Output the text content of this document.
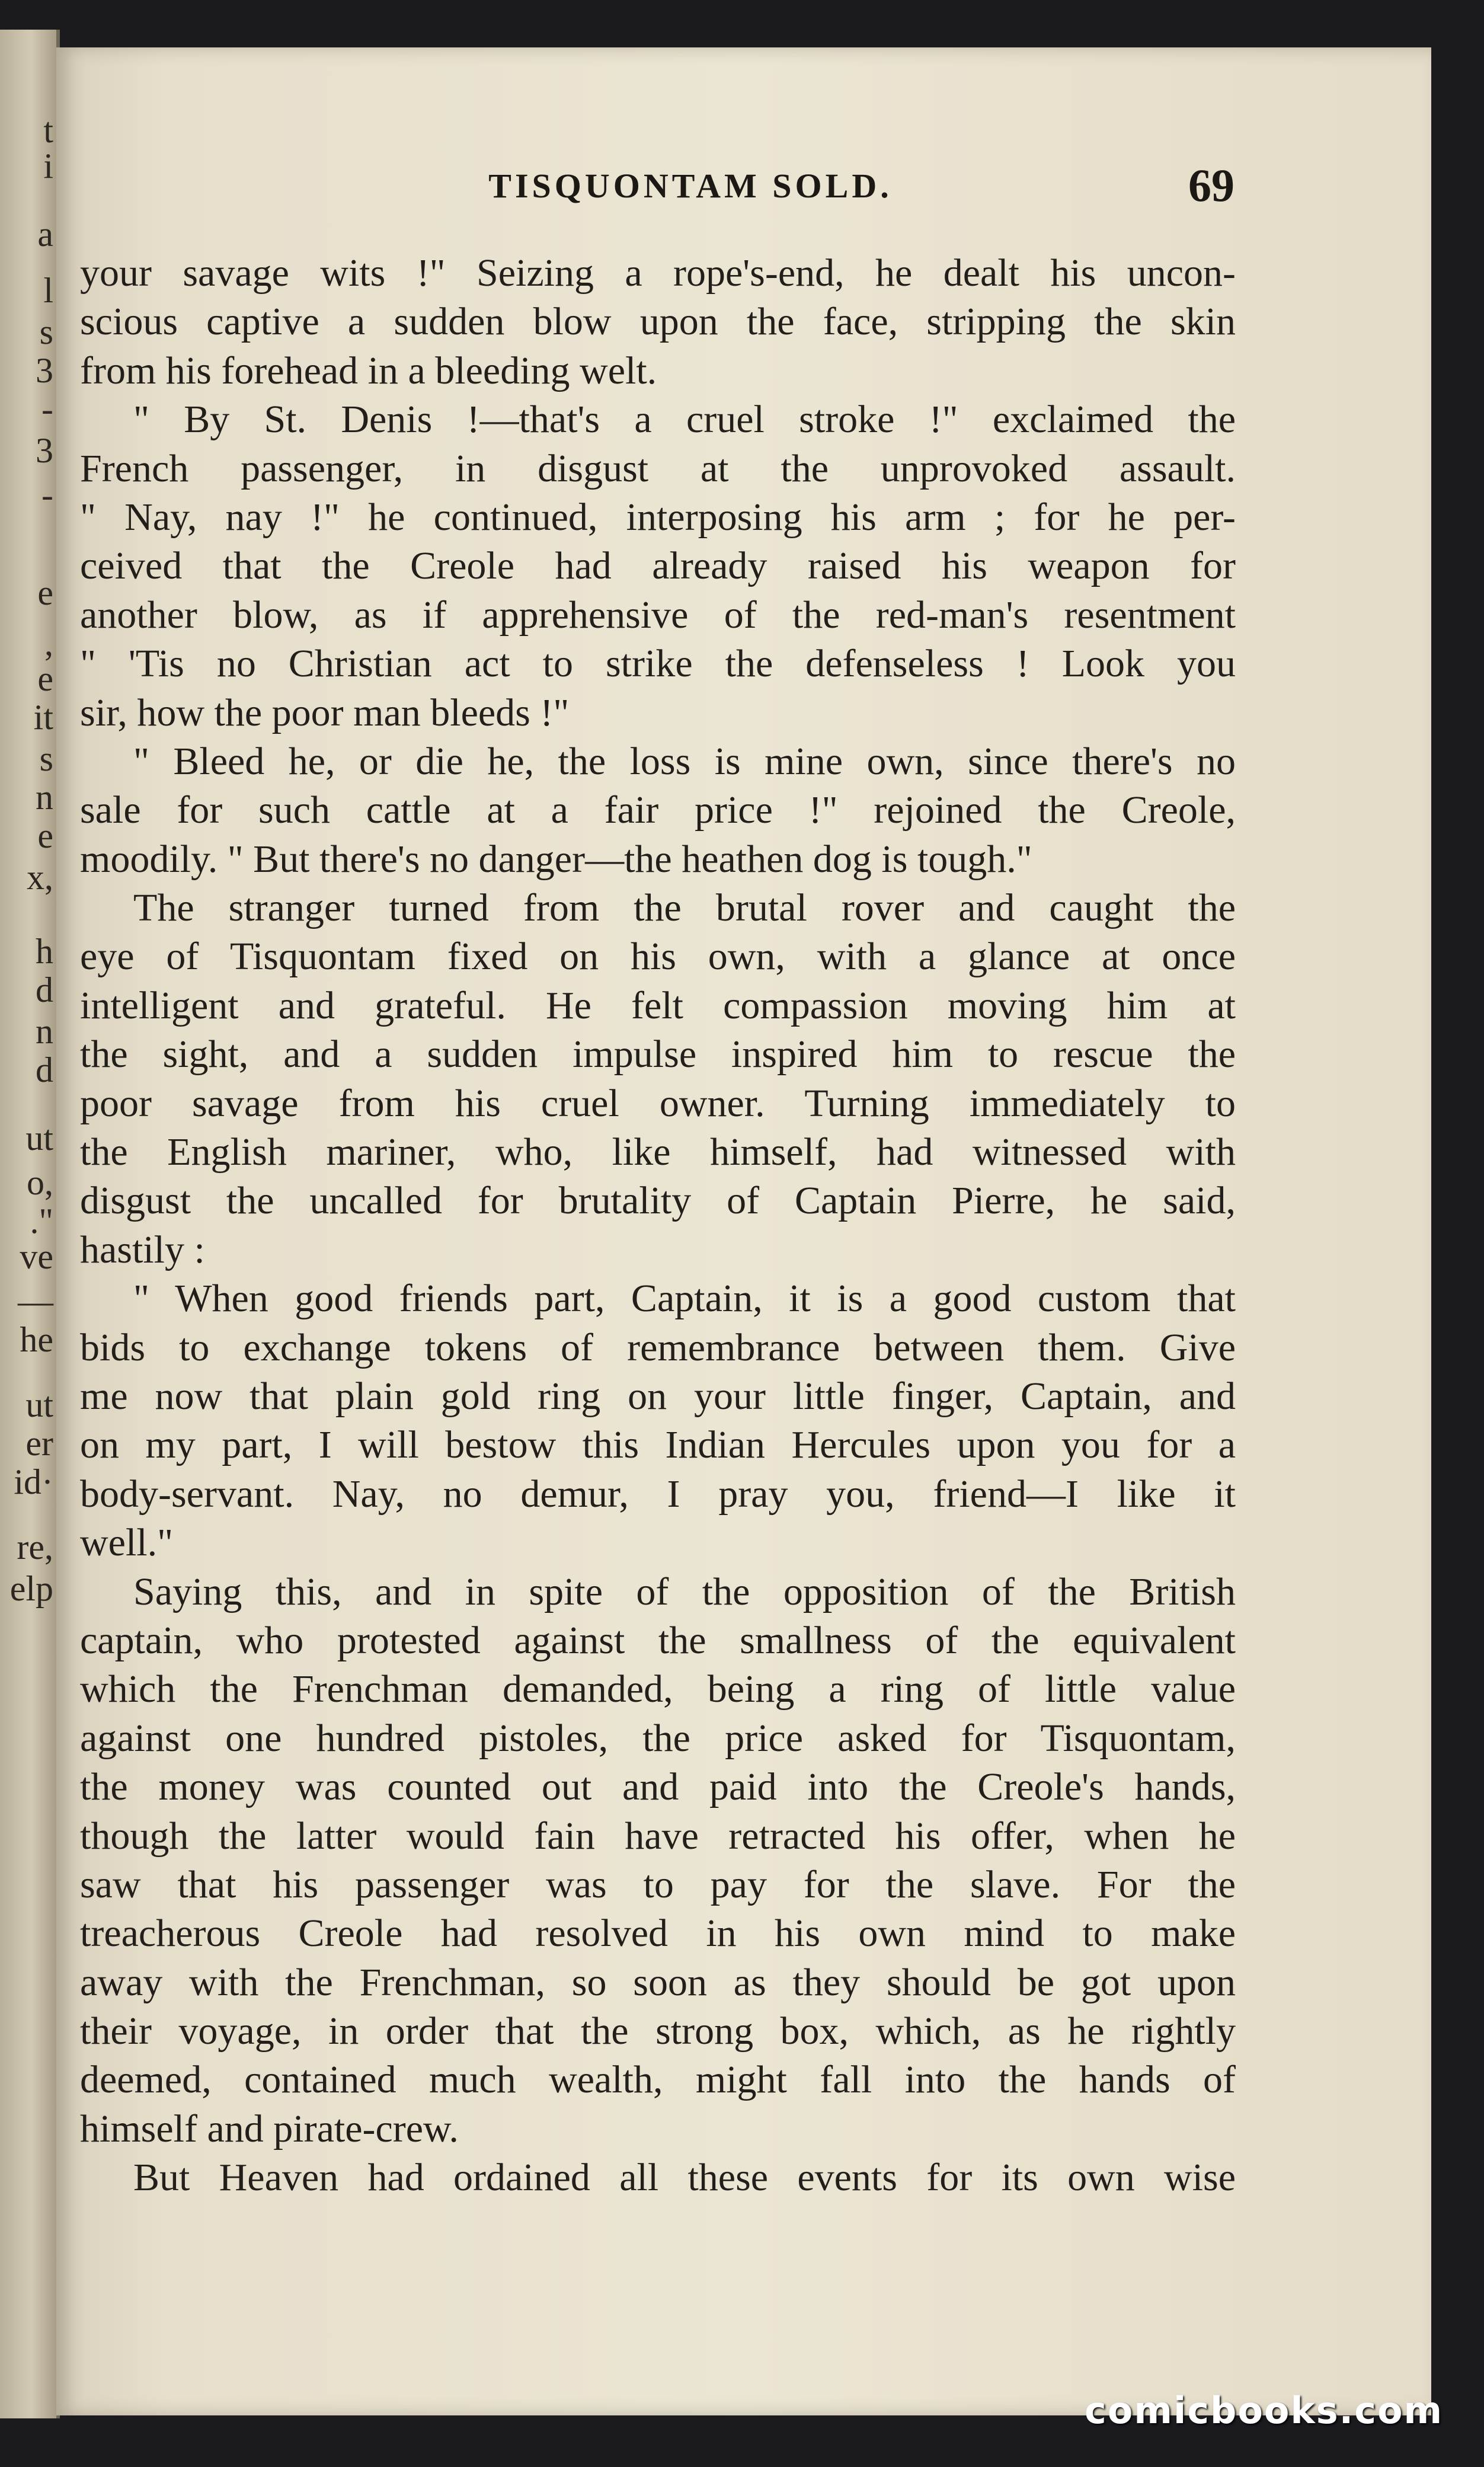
t
i
a
l
s
3
-
3
-
e
,
e
it
s
n
e
x,
h
d
n
d
ut
o,
."
ve
—
he
ut
er
id·
re,
elp
TISQUONTAM SOLD.	69
your savage wits !" Seizing a rope's-end, he dealt his uncon-
scious captive a sudden blow upon the face, stripping the skin
from his forehead in a bleeding welt.
" By St. Denis !—that's a cruel stroke !" exclaimed the
French passenger, in disgust at the unprovoked assault.
" Nay, nay !" he continued, interposing his arm ; for he per-
ceived that the Creole had already raised his weapon for
another blow, as if apprehensive of the red-man's resentment
" 'Tis no Christian act to strike the defenseless ! Look you
sir, how the poor man bleeds !"
" Bleed he, or die he, the loss is mine own, since there's no
sale for such cattle at a fair price !" rejoined the Creole,
moodily. " But there's no danger—the heathen dog is tough."
The stranger turned from the brutal rover and caught the
eye of Tisquontam fixed on his own, with a glance at once
intelligent and grateful. He felt compassion moving him at
the sight, and a sudden impulse inspired him to rescue the
poor savage from his cruel owner. Turning immediately to
the English mariner, who, like himself, had witnessed with
disgust the uncalled for brutality of Captain Pierre, he said,
hastily :
" When good friends part, Captain, it is a good custom that
bids to exchange tokens of remembrance between them. Give
me now that plain gold ring on your little finger, Captain, and
on my part, I will bestow this Indian Hercules upon you for a
body-servant. Nay, no demur, I pray you, friend—I like it
well."
Saying this, and in spite of the opposition of the British
captain, who protested against the smallness of the equivalent
which the Frenchman demanded, being a ring of little value
against one hundred pistoles, the price asked for Tisquontam,
the money was counted out and paid into the Creole's hands,
though the latter would fain have retracted his offer, when he
saw that his passenger was to pay for the slave. For the
treacherous Creole had resolved in his own mind to make
away with the Frenchman, so soon as they should be got upon
their voyage, in order that the strong box, which, as he rightly
deemed, contained much wealth, might fall into the hands of
himself and pirate-crew.
But Heaven had ordained all these events for its own wise
comicbooks.com
